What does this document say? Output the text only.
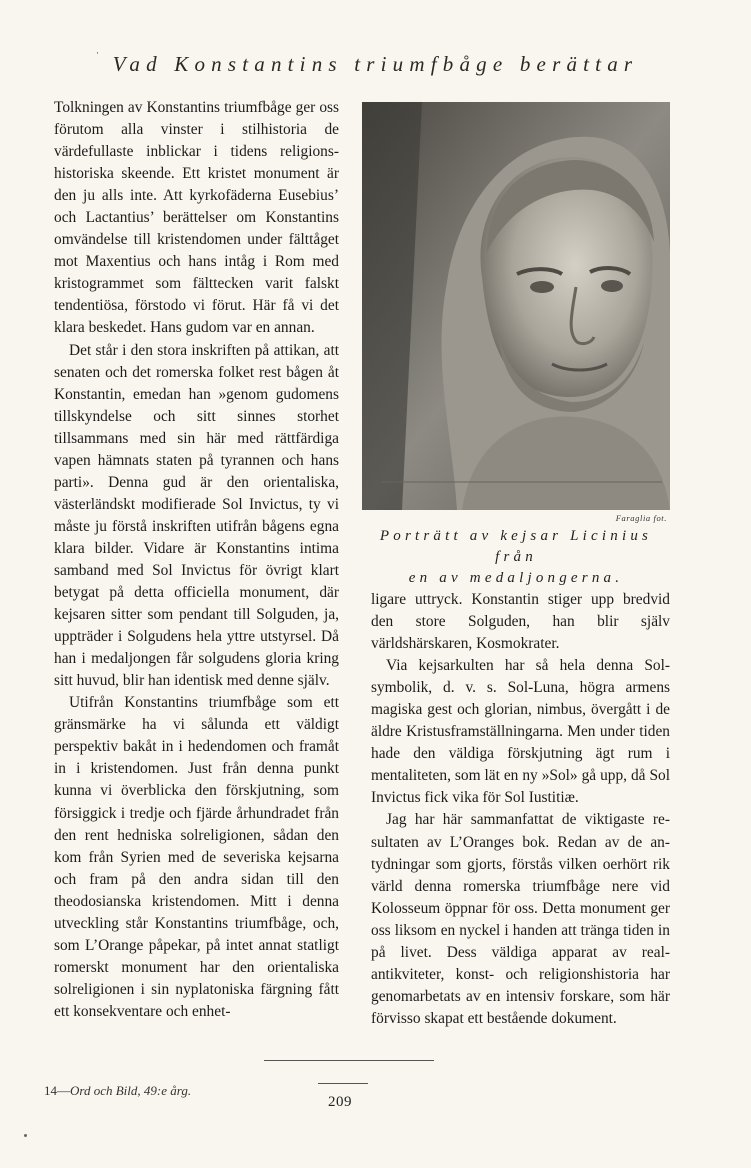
· Vad Konstantins triumfbåge berättar

Tolkningen av Konstantins triumfbåge ger oss förutom alla vinster i stilhistoria de värdefullaste inblickar i tidens religionshistoriska skeende. Ett kristet monument är den ju alls inte. Att kyrkofäderna Eusebius’ och Lactantius’ berättelser om Konstantins omvändelse till kristendomen under fälttåget mot Maxentius och hans intåg i Rom med kristogrammet som fälttecken varit falskt tendentiösa, förstodo vi förut. Här få vi det klara beskedet. Hans gudom var en annan.

Det står i den stora inskriften på attikan, att senaten och det romerska folket rest bågen åt Konstantin, emedan han »genom gudomens tillskyndelse och sitt sinnes storhet tillsammans med sin här med rättfärdiga vapen hämnats staten på tyrannen och hans parti». Denna gud är den orientaliska, västerländskt modifierade Sol Invictus, ty vi måste ju förstå inskriften utifrån bågens egna klara bilder. Vidare är Konstantins intima samband med Sol Invictus för övrigt klart betygat på detta officiella monument, där kejsaren sitter som pendant till Solguden, ja, uppträder i Solgudens hela yttre utstyrsel. Då han i medaljongen får solgudens gloria kring sitt huvud, blir han identisk med denne själv.

Utifrån Konstantins triumfbåge som ett gränsmärke ha vi sålunda ett väldigt perspektiv bakåt in i hedendomen och framåt in i kristendomen. Just från denna punkt kunna vi överblicka den förskjutning, som försiggick i tredje och fjärde århundradet från den rent hedniska solreligionen, sådan den kom från Syrien med de severiska kejsarna och fram på den andra sidan till den theodosianska kristendomen. Mitt i denna utveckling står Konstantins triumfbåge, och, som L’Orange påpekar, på intet annat statligt romerskt monument har den orientaliska solreligionen i sin nyplatoniska färgning fått ett konsekventare och enhet-

Faraglia fot.
Porträtt av kejsar Licinius från
en av medaljongerna.

ligare uttryck. Konstantin stiger upp bredvid den store Solguden, han blir själv världshärskaren, Kosmokrater.

Via kejsarkulten har så hela denna Solsymbolik, d. v. s. Sol-Luna, högra armens magiska gest och glorian, nimbus, övergått i de äldre Kristusframställningarna. Men under tiden hade den väldiga förskjutning ägt rum i mentaliteten, som lät en ny »Sol» gå upp, då Sol Invictus fick vika för Sol Iustitiæ.

Jag har här sammanfattat de viktigaste resultaten av L’Oranges bok. Redan av de antydningar som gjorts, förstås vilken oerhört rik värld denna romerska triumfbåge nere vid Kolosseum öppnar för oss. Detta monument ger oss liksom en nyckel i handen att tränga tiden in på livet. Dess väldiga apparat av realantikviteter, konst- och religionshistoria har genomarbetats av en intensiv forskare, som här förvisso skapat ett bestående dokument.

14—Ord och Bild, 49:e årg.
209
